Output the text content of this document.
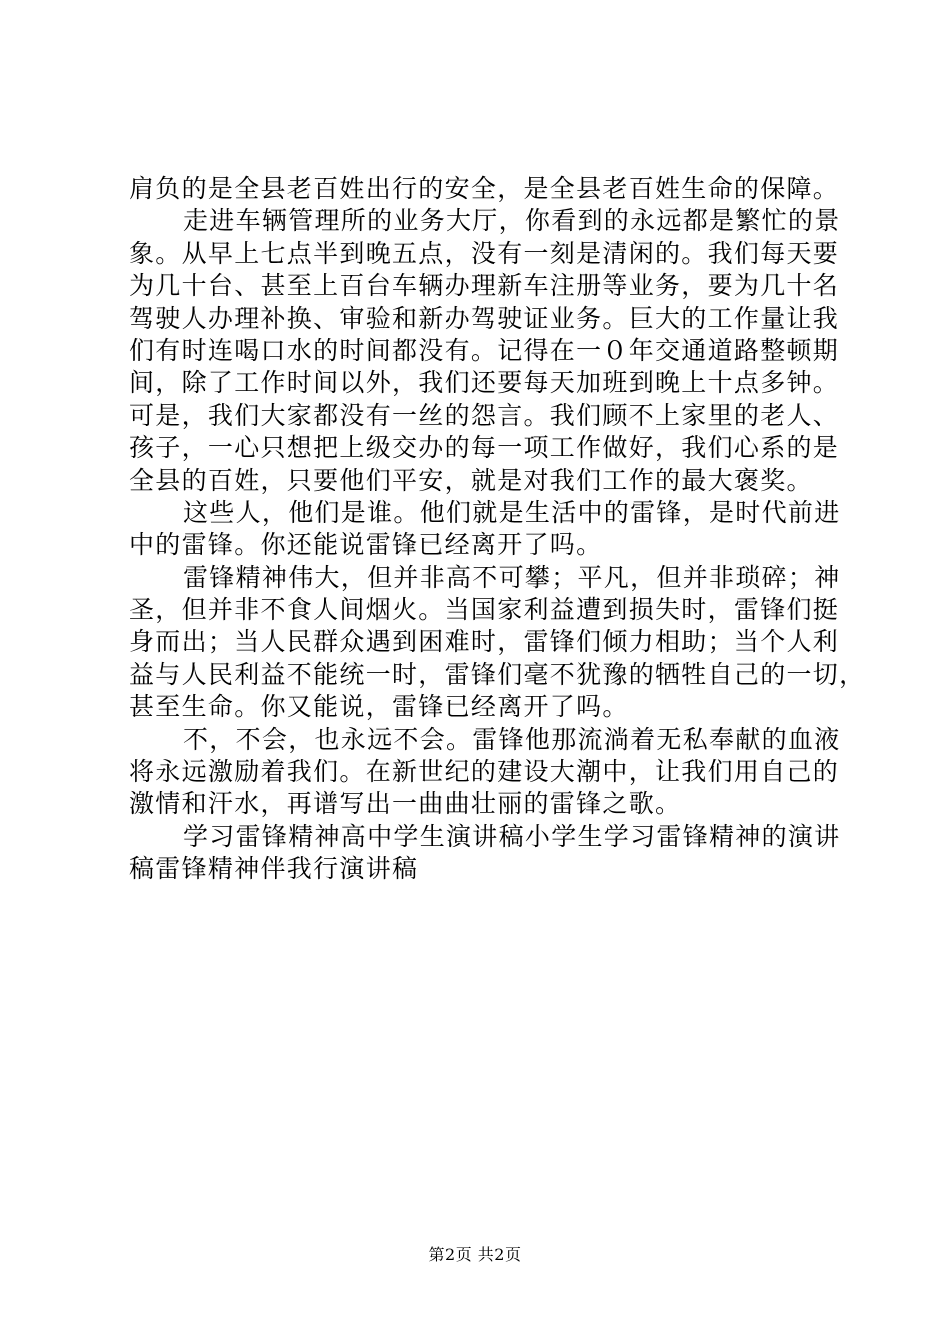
肩负的是全县老百姓出行的安全，是全县老百姓生命的保障。
走进车辆管理所的业务大厅，你看到的永远都是繁忙的景
象。从早上七点半到晚五点，没有一刻是清闲的。我们每天要
为几十台、甚至上百台车辆办理新车注册等业务，要为几十名
驾驶人办理补换、审验和新办驾驶证业务。巨大的工作量让我
们有时连喝口水的时间都没有。记得在一０年交通道路整顿期
间，除了工作时间以外，我们还要每天加班到晚上十点多钟。
可是，我们大家都没有一丝的怨言。我们顾不上家里的老人、
孩子，一心只想把上级交办的每一项工作做好，我们心系的是
全县的百姓，只要他们平安，就是对我们工作的最大褒奖。
这些人，他们是谁。他们就是生活中的雷锋，是时代前进
中的雷锋。你还能说雷锋已经离开了吗。
雷锋精神伟大，但并非高不可攀；平凡，但并非琐碎；神
圣，但并非不食人间烟火。当国家利益遭到损失时，雷锋们挺
身而出；当人民群众遇到困难时，雷锋们倾力相助；当个人利
益与人民利益不能统一时，雷锋们毫不犹豫的牺牲自己的一切，
甚至生命。你又能说，雷锋已经离开了吗。
不，不会，也永远不会。雷锋他那流淌着无私奉献的血液
将永远激励着我们。在新世纪的建设大潮中，让我们用自己的
激情和汗水，再谱写出一曲曲壮丽的雷锋之歌。
学习雷锋精神高中学生演讲稿小学生学习雷锋精神的演讲
稿雷锋精神伴我行演讲稿
第2页 共2页
